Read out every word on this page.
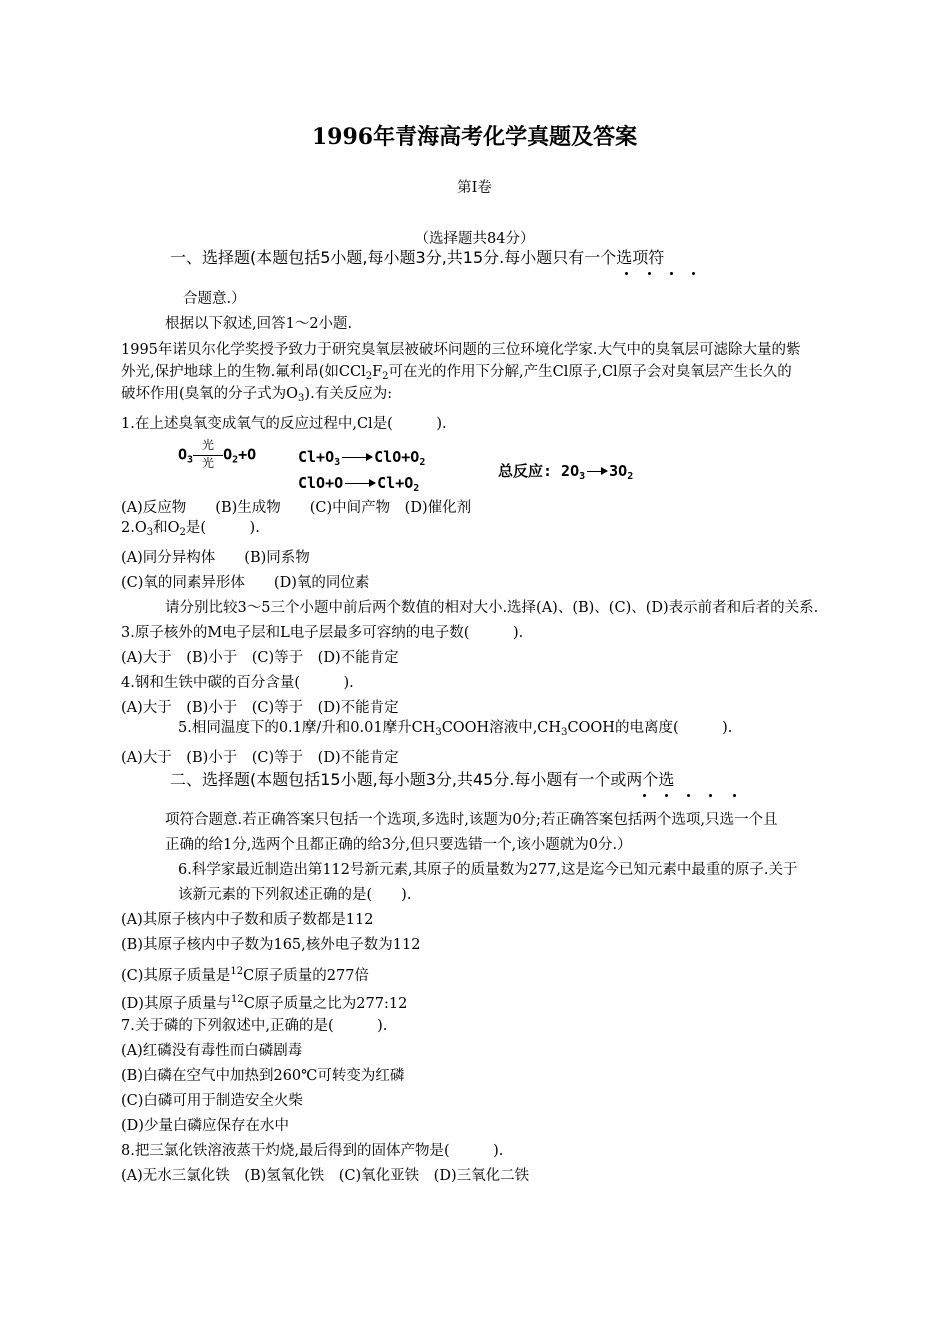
1996年青海高考化学真题及答案
第I卷
（选择题共84分）
一、选择题(本题包括5小题,每小题3分,共15分.每小题只有一个选项符
合题意.）
根据以下叙述,回答1～2小题.
1995年诺贝尔化学奖授予致力于研究臭氧层被破坏问题的三位环境化学家.大气中的臭氧层可滤除大量的紫
外光,保护地球上的生物.氟利昂(如$CCl_2F_2$可在光的作用下分解,产生Cl原子,Cl原子会对臭氧层产生长久的
破坏作用(臭氧的分子式为$O_3$).有关反应为:
1.在上述臭氧变成氧气的反应过程中,Cl是(　　　).
$O_3 \frac{\text{光}}{\text{光}} O_2+O$	$Cl+O_3$ $ClO+O_2$
ClO+O $Cl+O_2$
总反应: $2O_3$ $3O_2$
(A)反应物　　(B)生成物　　(C)中间产物　(D)催化剂
$2.O_3$和$O_2$是(　　　).
(A)同分异构体　　(B)同系物
(C)氧的同素异形体　　(D)氧的同位素
请分别比较3～5三个小题中前后两个数值的相对大小.选择(A)、(B)、(C)、(D)表示前者和后者的关系.
3.原子核外的M电子层和L电子层最多可容纳的电子数(　　　).
(A)大于　(B)小于　(C)等于　(D)不能肯定
4.钢和生铁中碳的百分含量(　　　).
(A)大于　(B)小于　(C)等于　(D)不能肯定
5.相同温度下的0.1摩/升和0.01摩升$CH_3COOH$溶液中$,CH_3COOH$的电离度(　　　).
(A)大于　(B)小于　(C)等于　(D)不能肯定
二、选择题(本题包括15小题,每小题3分,共45分.每小题有一个或两个选
项符合题意.若正确答案只包括一个选项,多选时,该题为0分;若正确答案包括两个选项,只选一个且
正确的给1分,选两个且都正确的给3分,但只要选错一个,该小题就为0分.）
6.科学家最近制造出第112号新元素,其原子的质量数为277,这是迄今已知元素中最重的原子.关于
该新元素的下列叙述正确的是(　　).
(A)其原子核内中子数和质子数都是112
(B)其原子核内中子数为165,核外电子数为112
(C)其原子质量是$^{12}$C原子质量的277倍
(D)其原子质量与$^{12}$C原子质量之比为277:12
7.关于磷的下列叙述中,正确的是(　　　).
(A)红磷没有毒性而白磷剧毒
(B)白磷在空气中加热到260℃可转变为红磷
(C)白磷可用于制造安全火柴
(D)少量白磷应保存在水中
8.把三氯化铁溶液蒸干灼烧,最后得到的固体产物是(　　　).
(A)无水三氯化铁　(B)氢氧化铁　(C)氧化亚铁　(D)三氧化二铁
